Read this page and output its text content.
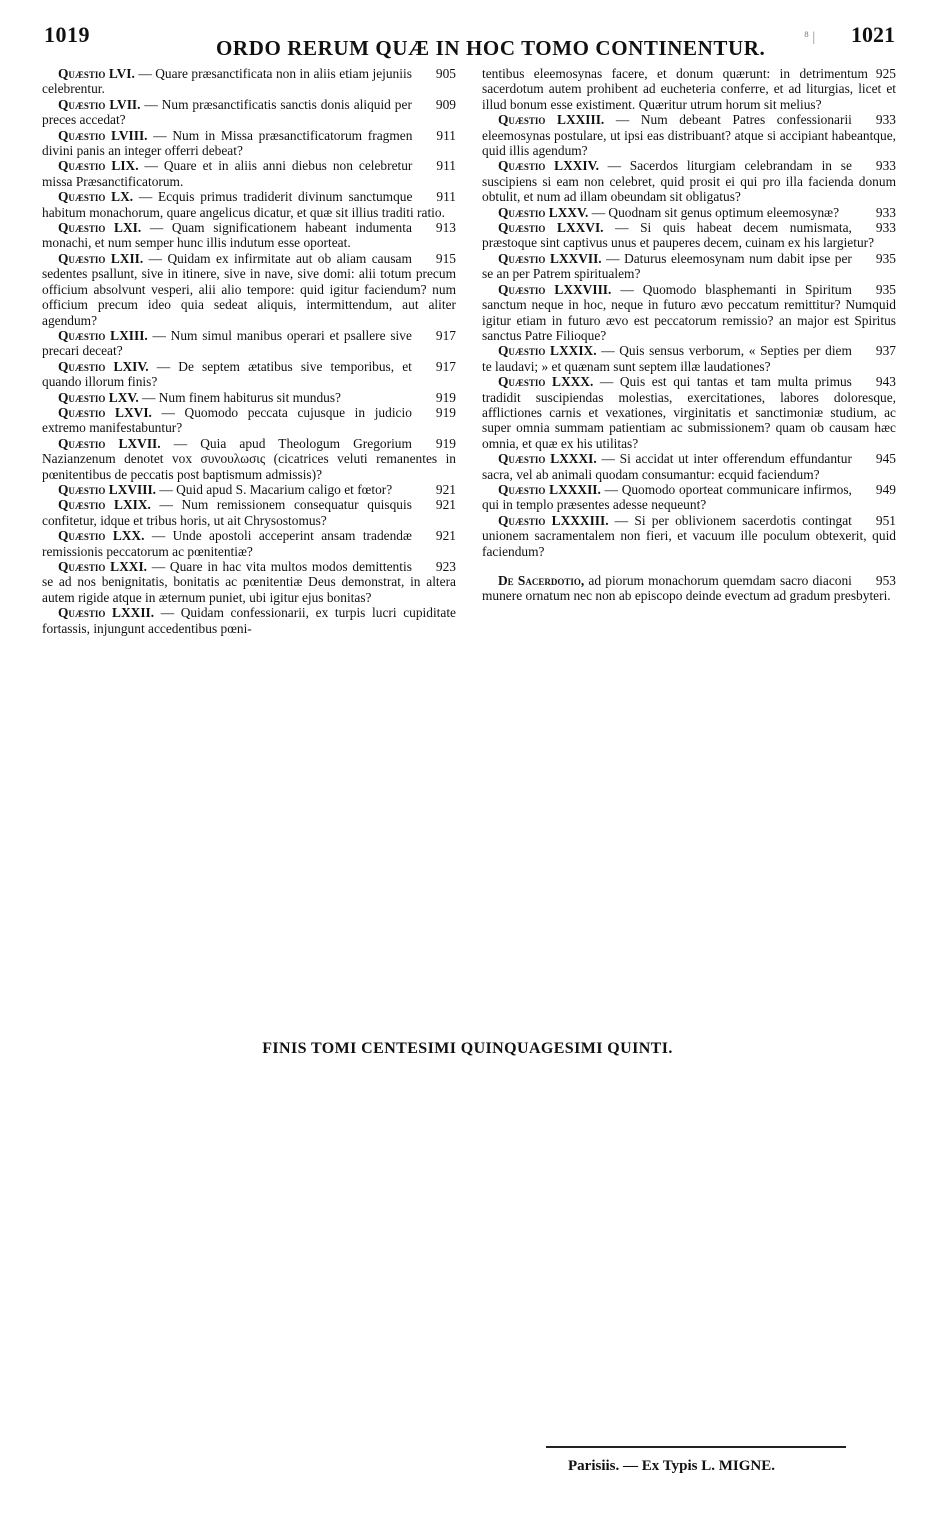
1019
ORDO RERUM QUÆ IN HOC TOMO CONTINENTUR.	⁸ | 1021

905
Quæstio LVI. — Quare præsanctificata non in aliis etiam jejuniis celebrentur.

909
Quæstio LVII. — Num præsanctificatis sanctis donis aliquid per preces accedat?

911
Quæstio LVIII. — Num in Missa præsanctificatorum fragmen divini panis an integer offerri debeat?

911
Quæstio LIX. — Quare et in aliis anni diebus non celebretur missa Præsanctificatorum.

911
Quæstio LX. — Ecquis primus tradiderit divinum sanctumque habitum monachorum, quare angelicus dicatur, et quæ sit illius traditi ratio.

913
Quæstio LXI. — Quam significationem habeant indumenta monachi, et num semper hunc illis indutum esse oporteat.

915
Quæstio LXII. — Quidam ex infirmitate aut ob aliam causam sedentes psallunt, sive in itinere, sive in nave, sive domi: alii totum precum officium absolvunt vesperi, alii alio tempore: quid igitur faciendum? num officium precum ideo quia sedeat aliquis, intermittendum, aut aliter agendum?

917
Quæstio LXIII. — Num simul manibus operari et psallere sive precari deceat?

917
Quæstio LXIV. — De septem ætatibus sive temporibus, et quando illorum finis?

919
Quæstio LXV. — Num finem habiturus sit mundus?

919
Quæstio LXVI. — Quomodo peccata cujusque in judicio extremo manifestabuntur?

919
Quæstio LXVII. — Quia apud Theologum Gregorium Nazianzenum denotet vox συνουλωσις (cicatrices veluti remanentes in pœnitentibus de peccatis post baptismum admissis)?

921
Quæstio LXVIII. — Quid apud S. Macarium caligo et fœtor?

921
Quæstio LXIX. — Num remissionem consequatur quisquis confitetur, idque et tribus horis, ut ait Chrysostomus?

921
Quæstio LXX. — Unde apostoli acceperint ansam tradendæ remissionis peccatorum ac pœnitentiæ?

923
Quæstio LXXI. — Quare in hac vita multos modos demittentis se ad nos benignitatis, bonitatis ac pœnitentiæ Deus demonstrat, in altera autem rigide atque in æternum puniet, ubi igitur ejus bonitas?

Quæstio LXXII. — Quidam confessionarii, ex turpis lucri cupiditate fortassis, injungunt accedentibus pœni-

925
tentibus eleemosynas facere, et donum quærunt: in detrimentum sacerdotum autem prohibent ad eucheteria conferre, et ad liturgias, licet et illud bonum esse existiment. Quæritur utrum horum sit melius?

933
Quæstio LXXIII. — Num debeant Patres confessionarii eleemosynas postulare, ut ipsi eas distribuant? atque si accipiant habeantque, quid illis agendum?

933
Quæstio LXXIV. — Sacerdos liturgiam celebrandam in se suscipiens si eam non celebret, quid prosit ei qui pro illa facienda donum obtulit, et num ad illam obeundam sit obligatus?

933
Quæstio LXXV. — Quodnam sit genus optimum eleemosynæ?

933
Quæstio LXXVI. — Si quis habeat decem numismata, præstoque sint captivus unus et pauperes decem, cuinam ex his largietur?

935
Quæstio LXXVII. — Daturus eleemosynam num dabit ipse per se an per Patrem spiritualem?

935
Quæstio LXXVIII. — Quomodo blasphemanti in Spiritum sanctum neque in hoc, neque in futuro ævo peccatum remittitur? Numquid igitur etiam in futuro ævo est peccatorum remissio? an major est Spiritus sanctus Patre Filioque?

937
Quæstio LXXIX. — Quis sensus verborum, « Septies per diem te laudavi; » et quænam sunt septem illæ laudationes?

943
Quæstio LXXX. — Quis est qui tantas et tam multa primus tradidit suscipiendas molestias, exercitationes, labores doloresque, afflictiones carnis et vexationes, virginitatis et sanctimoniæ studium, ac super omnia summam patientiam ac submissionem? quam ob causam hæc omnia, et quæ ex his utilitas?

945
Quæstio LXXXI. — Si accidat ut inter offerendum effundantur sacra, vel ab animali quodam consumantur: ecquid faciendum?

949
Quæstio LXXXII. — Quomodo oporteat communicare infirmos, qui in templo præsentes adesse nequeunt?

951
Quæstio LXXXIII. — Si per oblivionem sacerdotis contingat unionem sacramentalem non fieri, et vacuum ille poculum obtexerit, quid faciendum?

953
De Sacerdotio, ad piorum monachorum quemdam sacro diaconi munere ornatum nec non ab episcopo deinde evectum ad gradum presbyteri.

FINIS TOMI CENTESIMI QUINQUAGESIMI QUINTI.
Parisiis. — Ex Typis L. MIGNE.
